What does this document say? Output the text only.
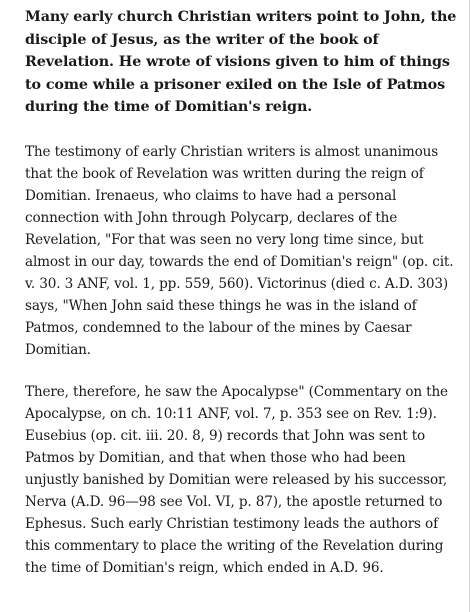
Many early church Christian writers point to John, the disciple of Jesus, as the writer of the book of Revelation. He wrote of visions given to him of things to come while a prisoner exiled on the Isle of Patmos during the time of Domitian's reign.

The testimony of early Christian writers is almost unanimous that the book of Revelation was written during the reign of Domitian. Irenaeus, who claims to have had a personal connection with John through Polycarp, declares of the Revelation, "For that was seen no very long time since, but almost in our day, towards the end of Domitian's reign" (op. cit. v. 30. 3 ANF, vol. 1, pp. 559, 560). Victorinus (died c. A.D. 303) says, "When John said these things he was in the island of Patmos, condemned to the labour of the mines by Caesar Domitian.

There, therefore, he saw the Apocalypse" (Commentary on the Apocalypse, on ch. 10:11 ANF, vol. 7, p. 353 see on Rev. 1:9). Eusebius (op. cit. iii. 20. 8, 9) records that John was sent to Patmos by Domitian, and that when those who had been unjustly banished by Domitian were released by his successor, Nerva (A.D. 96—98 see Vol. VI, p. 87), the apostle returned to Ephesus. Such early Christian testimony leads the authors of this commentary to place the writing of the Revelation during the time of Domitian's reign, which ended in A.D. 96.
